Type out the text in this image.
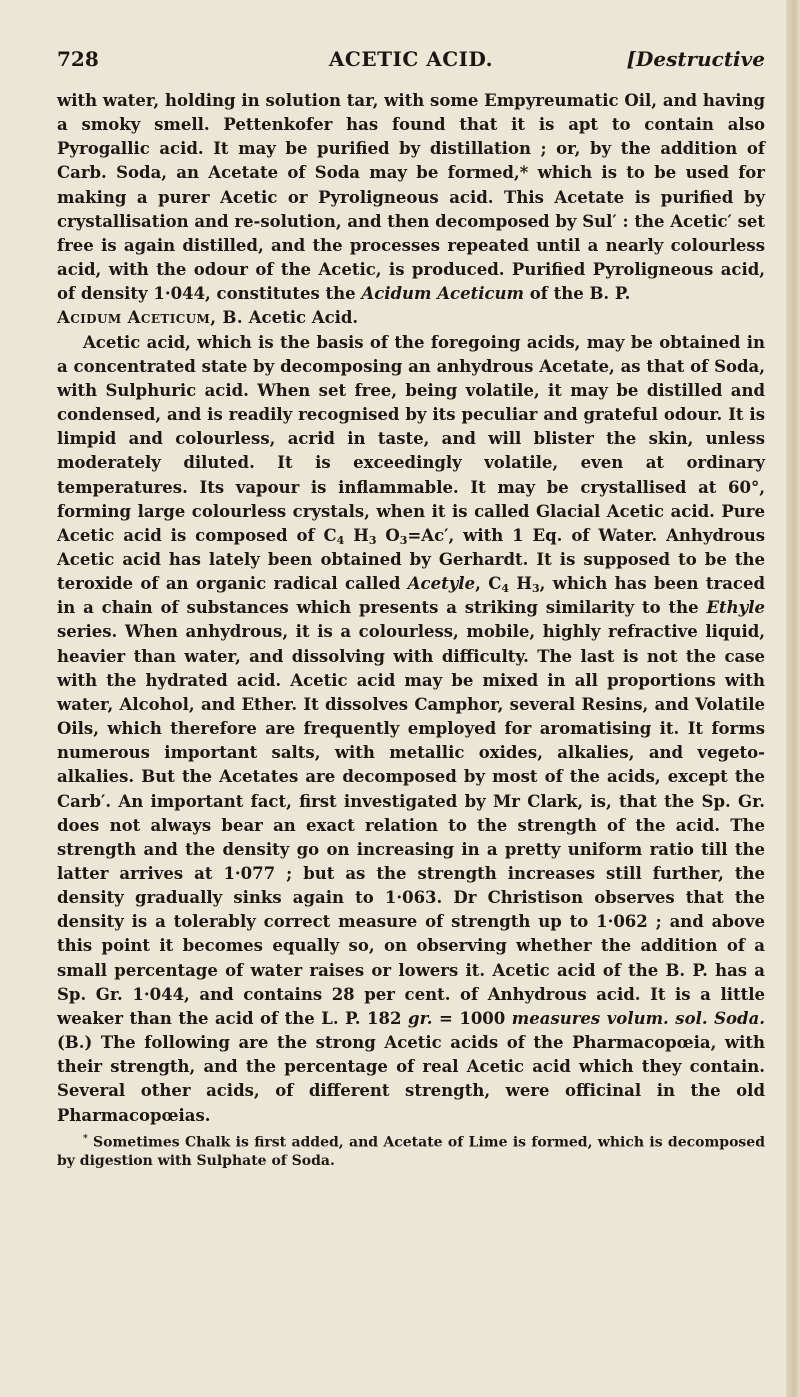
728	ACETIC ACID.	[Destructive

with water, holding in solution tar, with some Empyreumatic Oil, and having a smoky smell. Pettenkofer has found that it is apt to contain also Pyrogallic acid. It may be purified by distillation ; or, by the addition of Carb. Soda, an Acetate of Soda may be formed,* which is to be used for making a purer Acetic or Pyroligneous acid. This Acetate is purified by crystallisation and re-solution, and then decomposed by Sul′ : the Acetic′ set free is again distilled, and the processes repeated until a nearly colourless acid, with the odour of the Acetic, is produced. Purified Pyroligneous acid, of density 1·044, constitutes the Acidum Aceticum of the B. P.

Acidum Aceticum, B. Acetic Acid.

Acetic acid, which is the basis of the foregoing acids, may be obtained in a concentrated state by decomposing an anhydrous Acetate, as that of Soda, with Sulphuric acid. When set free, being volatile, it may be distilled and condensed, and is readily recognised by its peculiar and grateful odour. It is limpid and colourless, acrid in taste, and will blister the skin, unless moderately diluted. It is exceedingly volatile, even at ordinary temperatures. Its vapour is inflammable. It may be crystallised at 60°, forming large colourless crystals, when it is called Glacial Acetic acid. Pure Acetic acid is composed of $C_4$ $H_3$ $O_3=Ac'$, with 1 Eq. of Water. Anhydrous Acetic acid has lately been obtained by Gerhardt. It is supposed to be the teroxide of an organic radical called Acetyle, $C_4$ $H_3$, which has been traced in a chain of substances which presents a striking similarity to the Ethyle series. When anhydrous, it is a colourless, mobile, highly refractive liquid, heavier than water, and dissolving with difficulty. The last is not the case with the hydrated acid. Acetic acid may be mixed in all proportions with water, Alcohol, and Ether. It dissolves Camphor, several Resins, and Volatile Oils, which therefore are frequently employed for aromatising it. It forms numerous important salts, with metallic oxides, alkalies, and vegeto-alkalies. But the Acetates are decomposed by most of the acids, except the Carb′. An important fact, first investigated by Mr Clark, is, that the Sp. Gr. does not always bear an exact relation to the strength of the acid. The strength and the density go on increasing in a pretty uniform ratio till the latter arrives at 1·077 ; but as the strength increases still further, the density gradually sinks again to 1·063. Dr Christison observes that the density is a tolerably correct measure of strength up to 1·062 ; and above this point it becomes equally so, on observing whether the addition of a small percentage of water raises or lowers it. Acetic acid of the B. P. has a Sp. Gr. 1·044, and contains 28 per cent. of Anhydrous acid. It is a little weaker than the acid of the L. P. 182 gr. = 1000 measures volum. sol. Soda. (B.) The following are the strong Acetic acids of the Pharmacopœia, with their strength, and the percentage of real Acetic acid which they contain. Several other acids, of different strength, were officinal in the old Pharmacopœias.

* Sometimes Chalk is first added, and Acetate of Lime is formed, which is decomposed by digestion with Sulphate of Soda.
